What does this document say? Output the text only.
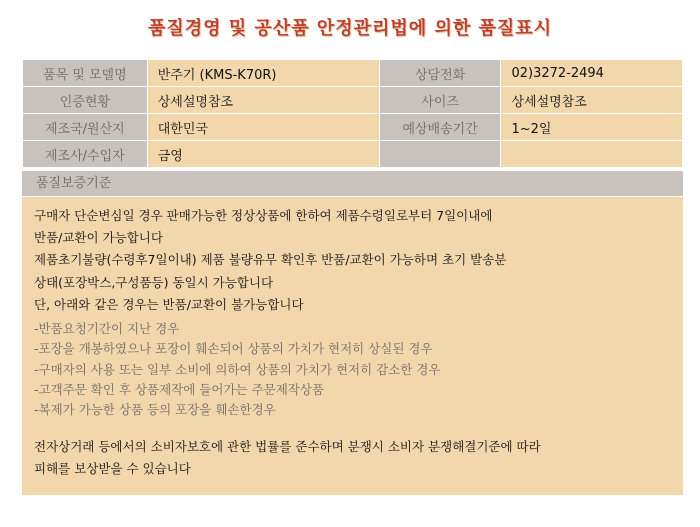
품질경영 및 공산품 안정관리법에 의한 품질표시
품목 및 모델명	반주기 (KMS-K70R)	상담전화	02)3272-2494
인증현황	상세설명참조	사이즈	상세설명참조
제조국/원산지	대한민국	예상배송기간	1~2일
제조사/수입자	금영		
품질보증기준
구매자 단순변심일 경우 판매가능한 정상상품에 한하여 제품수령일로부터 7일이내에
반품/교환이 가능합니다
제품초기불량(수령후7일이내) 제품 불량유무 확인후 반품/교환이 가능하며 초기 발송분
상태(포장박스,구성품등) 동일시 가능합니다
단, 아래와 같은 경우는 반품/교환이 불가능합니다
-반품요청기간이 지난 경우
-포장을 개봉하였으나 포장이 훼손되어 상품의 가치가 현저히 상실된 경우
-구매자의 사용 또는 일부 소비에 의하여 상품의 가치가 현저히 감소한 경우
-고객주문 확인 후 상품제작에 들어가는 주문제작상품
-복제가 가능한 상품 등의 포장을 훼손한경우
전자상거래 등에서의 소비자보호에 관한 법률를 준수하며 분쟁시 소비자 분쟁해결기준에 따라
피해를 보상받을 수 있습니다
